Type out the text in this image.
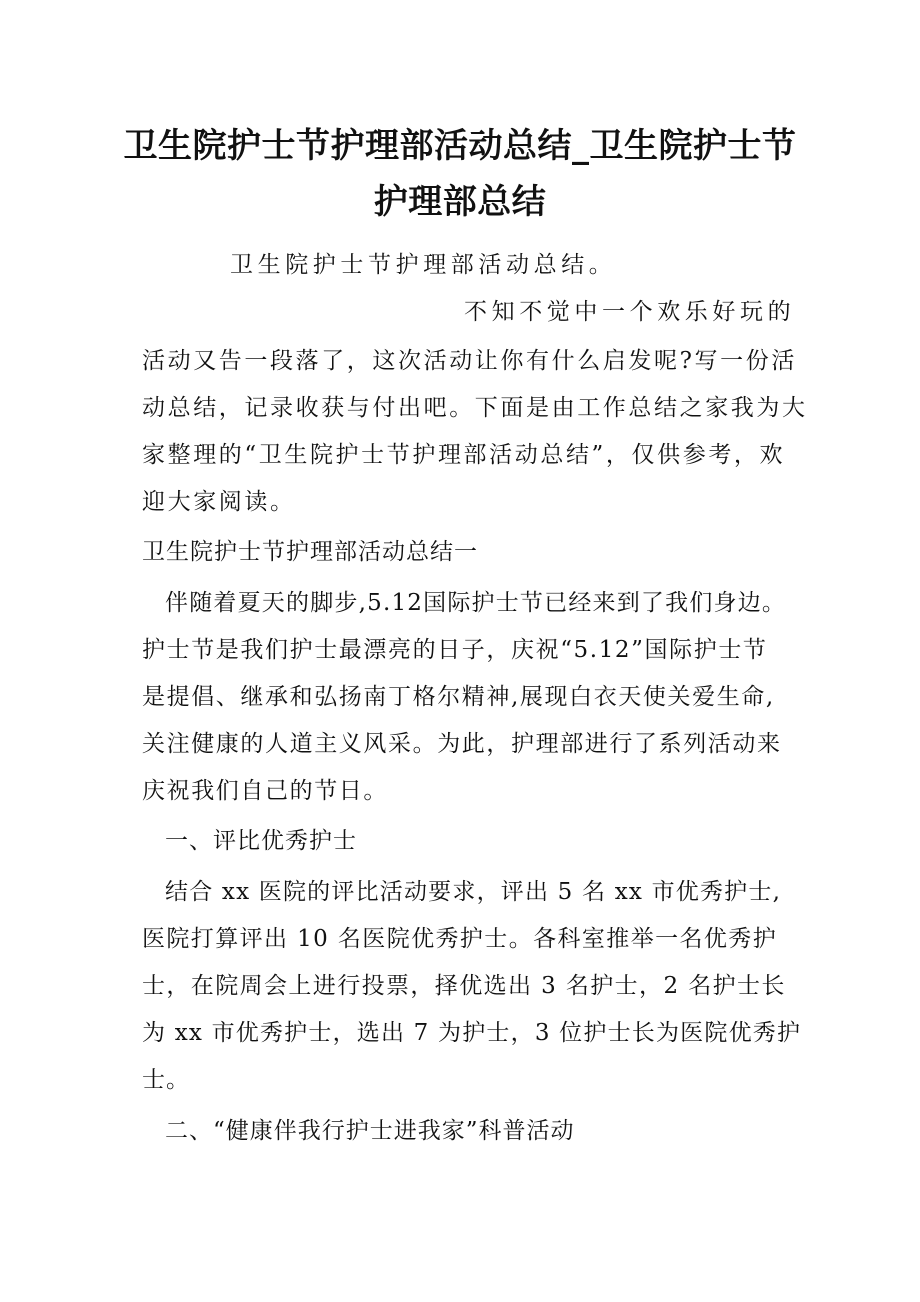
卫生院护士节护理部活动总结_卫生院护士节护理部总结
卫生院护士节护理部活动总结。
不知不觉中一个欢乐好玩的
活动又告一段落了，这次活动让你有什么启发呢?写一份活
动总结，记录收获与付出吧。下面是由工作总结之家我为大
家整理的“卫生院护士节护理部活动总结”，仅供参考，欢
迎大家阅读。
卫生院护士节护理部活动总结一
伴随着夏天的脚步,5.12国际护士节已经来到了我们身边。
护士节是我们护士最漂亮的日子，庆祝“5.12”国际护士节
是提倡、继承和弘扬南丁格尔精神,展现白衣天使关爱生命,
关注健康的人道主义风采。为此，护理部进行了系列活动来
庆祝我们自己的节日。
一、评比优秀护士
结合 xx 医院的评比活动要求，评出 5 名 xx 市优秀护士,
医院打算评出 10 名医院优秀护士。各科室推举一名优秀护
士，在院周会上进行投票，择优选出 3 名护士，2 名护士长
为 xx 市优秀护士，选出 7 为护士，3 位护士长为医院优秀护
士。
二、“健康伴我行护士进我家”科普活动
